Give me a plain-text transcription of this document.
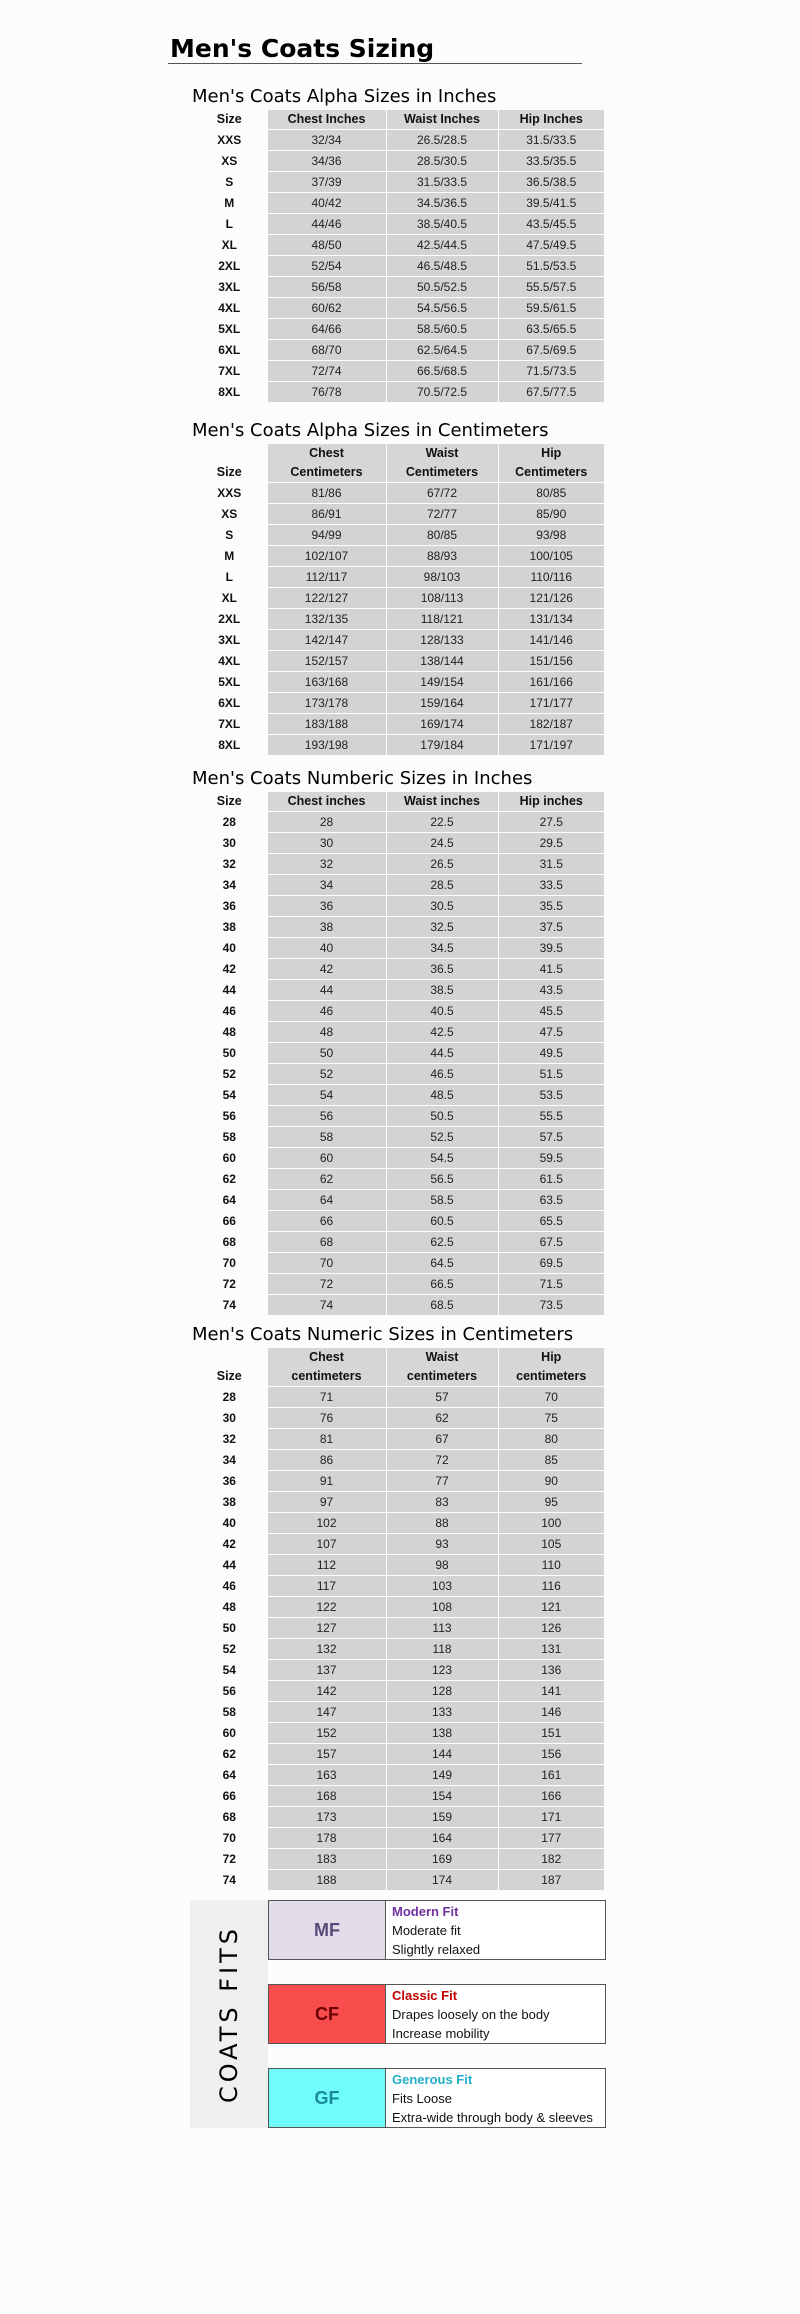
Men's Coats Sizing
Men's Coats Alpha Sizes in Inches
Size	Chest Inches	Waist Inches	Hip Inches
XXS	32/34	26.5/28.5	31.5/33.5
XS	34/36	28.5/30.5	33.5/35.5
S	37/39	31.5/33.5	36.5/38.5
M	40/42	34.5/36.5	39.5/41.5
L	44/46	38.5/40.5	43.5/45.5
XL	48/50	42.5/44.5	47.5/49.5
2XL	52/54	46.5/48.5	51.5/53.5
3XL	56/58	50.5/52.5	55.5/57.5
4XL	60/62	54.5/56.5	59.5/61.5
5XL	64/66	58.5/60.5	63.5/65.5
6XL	68/70	62.5/64.5	67.5/69.5
7XL	72/74	66.5/68.5	71.5/73.5
8XL	76/78	70.5/72.5	67.5/77.5
Men's Coats Alpha Sizes in Centimeters
	Chest	Waist	Hip
Size	Centimeters	Centimeters	Centimeters
XXS	81/86	67/72	80/85
XS	86/91	72/77	85/90
S	94/99	80/85	93/98
M	102/107	88/93	100/105
L	112/117	98/103	110/116
XL	122/127	108/113	121/126
2XL	132/135	118/121	131/134
3XL	142/147	128/133	141/146
4XL	152/157	138/144	151/156
5XL	163/168	149/154	161/166
6XL	173/178	159/164	171/177
7XL	183/188	169/174	182/187
8XL	193/198	179/184	171/197
Men's Coats Numberic Sizes in Inches
Size	Chest inches	Waist inches	Hip inches
28	28	22.5	27.5
30	30	24.5	29.5
32	32	26.5	31.5
34	34	28.5	33.5
36	36	30.5	35.5
38	38	32.5	37.5
40	40	34.5	39.5
42	42	36.5	41.5
44	44	38.5	43.5
46	46	40.5	45.5
48	48	42.5	47.5
50	50	44.5	49.5
52	52	46.5	51.5
54	54	48.5	53.5
56	56	50.5	55.5
58	58	52.5	57.5
60	60	54.5	59.5
62	62	56.5	61.5
64	64	58.5	63.5
66	66	60.5	65.5
68	68	62.5	67.5
70	70	64.5	69.5
72	72	66.5	71.5
74	74	68.5	73.5
Men's Coats Numeric Sizes in Centimeters
	Chest	Waist	Hip
Size	centimeters	centimeters	centimeters
28	71	57	70
30	76	62	75
32	81	67	80
34	86	72	85
36	91	77	90
38	97	83	95
40	102	88	100
42	107	93	105
44	112	98	110
46	117	103	116
48	122	108	121
50	127	113	126
52	132	118	131
54	137	123	136
56	142	128	141
58	147	133	146
60	152	138	151
62	157	144	156
64	163	149	161
66	168	154	166
68	173	159	171
70	178	164	177
72	183	169	182
74	188	174	187
COATS FITS	MF
Modern Fit
Moderate fit
Slightly relaxed
CF
Classic Fit
Drapes loosely on the body
Increase mobility
GF
Generous Fit
Fits Loose
Extra-wide through body & sleeves
